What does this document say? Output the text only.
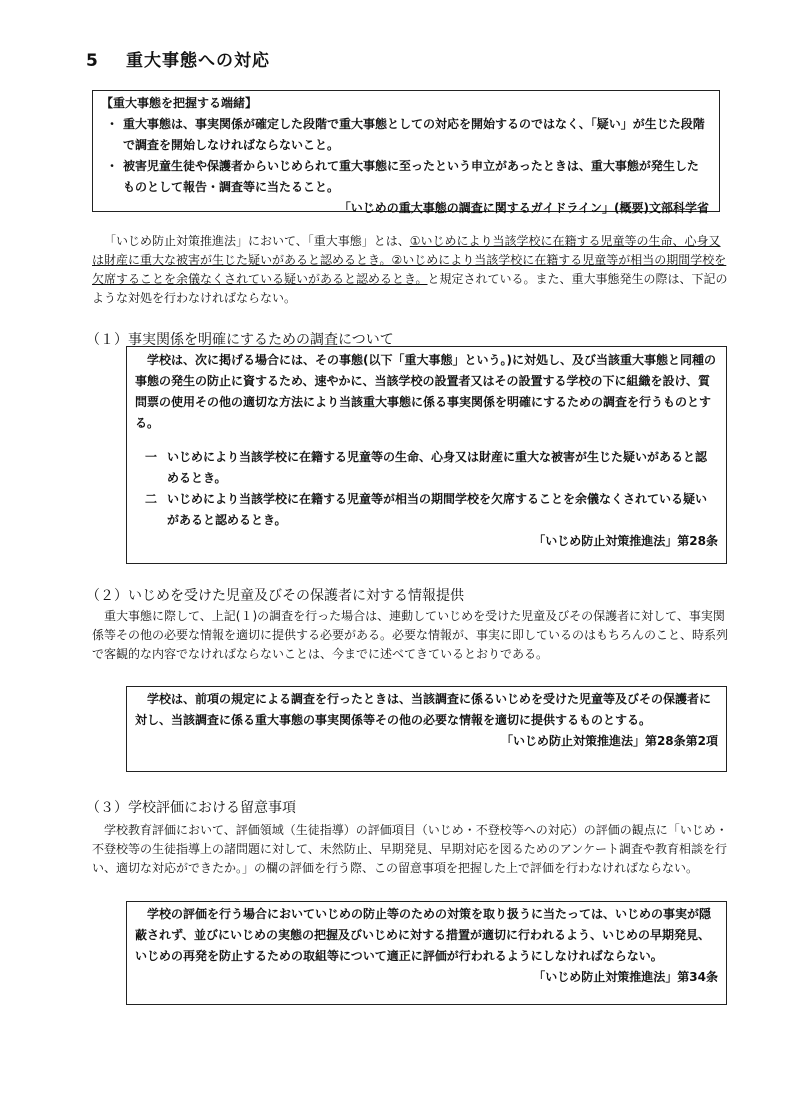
5 重大事態への対応
【重大事態を把握する端緒】
・ 重大事態は、事実関係が確定した段階で重大事態としての対応を開始するのではなく、「疑い」が生じた段階で調査を開始しなければならないこと。
・ 被害児童生徒や保護者からいじめられて重大事態に至ったという申立があったときは、重大事態が発生したものとして報告・調査等に当たること。
「いじめの重大事態の調査に関するガイドライン」(概要)文部科学省
「いじめ防止対策推進法」において、「重大事態」とは、①いじめにより当該学校に在籍する児童等の生命、心身又は財産に重大な被害が生じた疑いがあると認めるとき。②いじめにより当該学校に在籍する児童等が相当の期間学校を欠席することを余儀なくされている疑いがあると認めるとき。と規定されている。また、重大事態発生の際は、下記のような対処を行わなければならない。
（１）事実関係を明確にするための調査について
学校は、次に掲げる場合には、その事態(以下「重大事態」という。)に対処し、及び当該重大事態と同種の事態の発生の防止に資するため、速やかに、当該学校の設置者又はその設置する学校の下に組織を設け、質問票の使用その他の適切な方法により当該重大事態に係る事実関係を明確にするための調査を行うものとする。
一 いじめにより当該学校に在籍する児童等の生命、心身又は財産に重大な被害が生じた疑いがあると認めるとき。
二 いじめにより当該学校に在籍する児童等が相当の期間学校を欠席することを余儀なくされている疑いがあると認めるとき。
「いじめ防止対策推進法」第28条
（２）いじめを受けた児童及びその保護者に対する情報提供
重大事態に際して、上記(１)の調査を行った場合は、連動していじめを受けた児童及びその保護者に対して、事実関係等その他の必要な情報を適切に提供する必要がある。必要な情報が、事実に即しているのはもちろんのこと、時系列で客観的な内容でなければならないことは、今までに述べてきているとおりである。
学校は、前項の規定による調査を行ったときは、当該調査に係るいじめを受けた児童等及びその保護者に対し、当該調査に係る重大事態の事実関係等その他の必要な情報を適切に提供するものとする。
「いじめ防止対策推進法」第28条第2項
（３）学校評価における留意事項
学校教育評価において、評価領域（生徒指導）の評価項目（いじめ・不登校等への対応）の評価の観点に「いじめ・不登校等の生徒指導上の諸問題に対して、未然防止、早期発見、早期対応を図るためのアンケート調査や教育相談を行い、適切な対応ができたか。」の欄の評価を行う際、この留意事項を把握した上で評価を行わなければならない。
学校の評価を行う場合においていじめの防止等のための対策を取り扱うに当たっては、いじめの事実が隠蔽されず、並びにいじめの実態の把握及びいじめに対する措置が適切に行われるよう、いじめの早期発見、いじめの再発を防止するための取組等について適正に評価が行われるようにしなければならない。
「いじめ防止対策推進法」第34条
